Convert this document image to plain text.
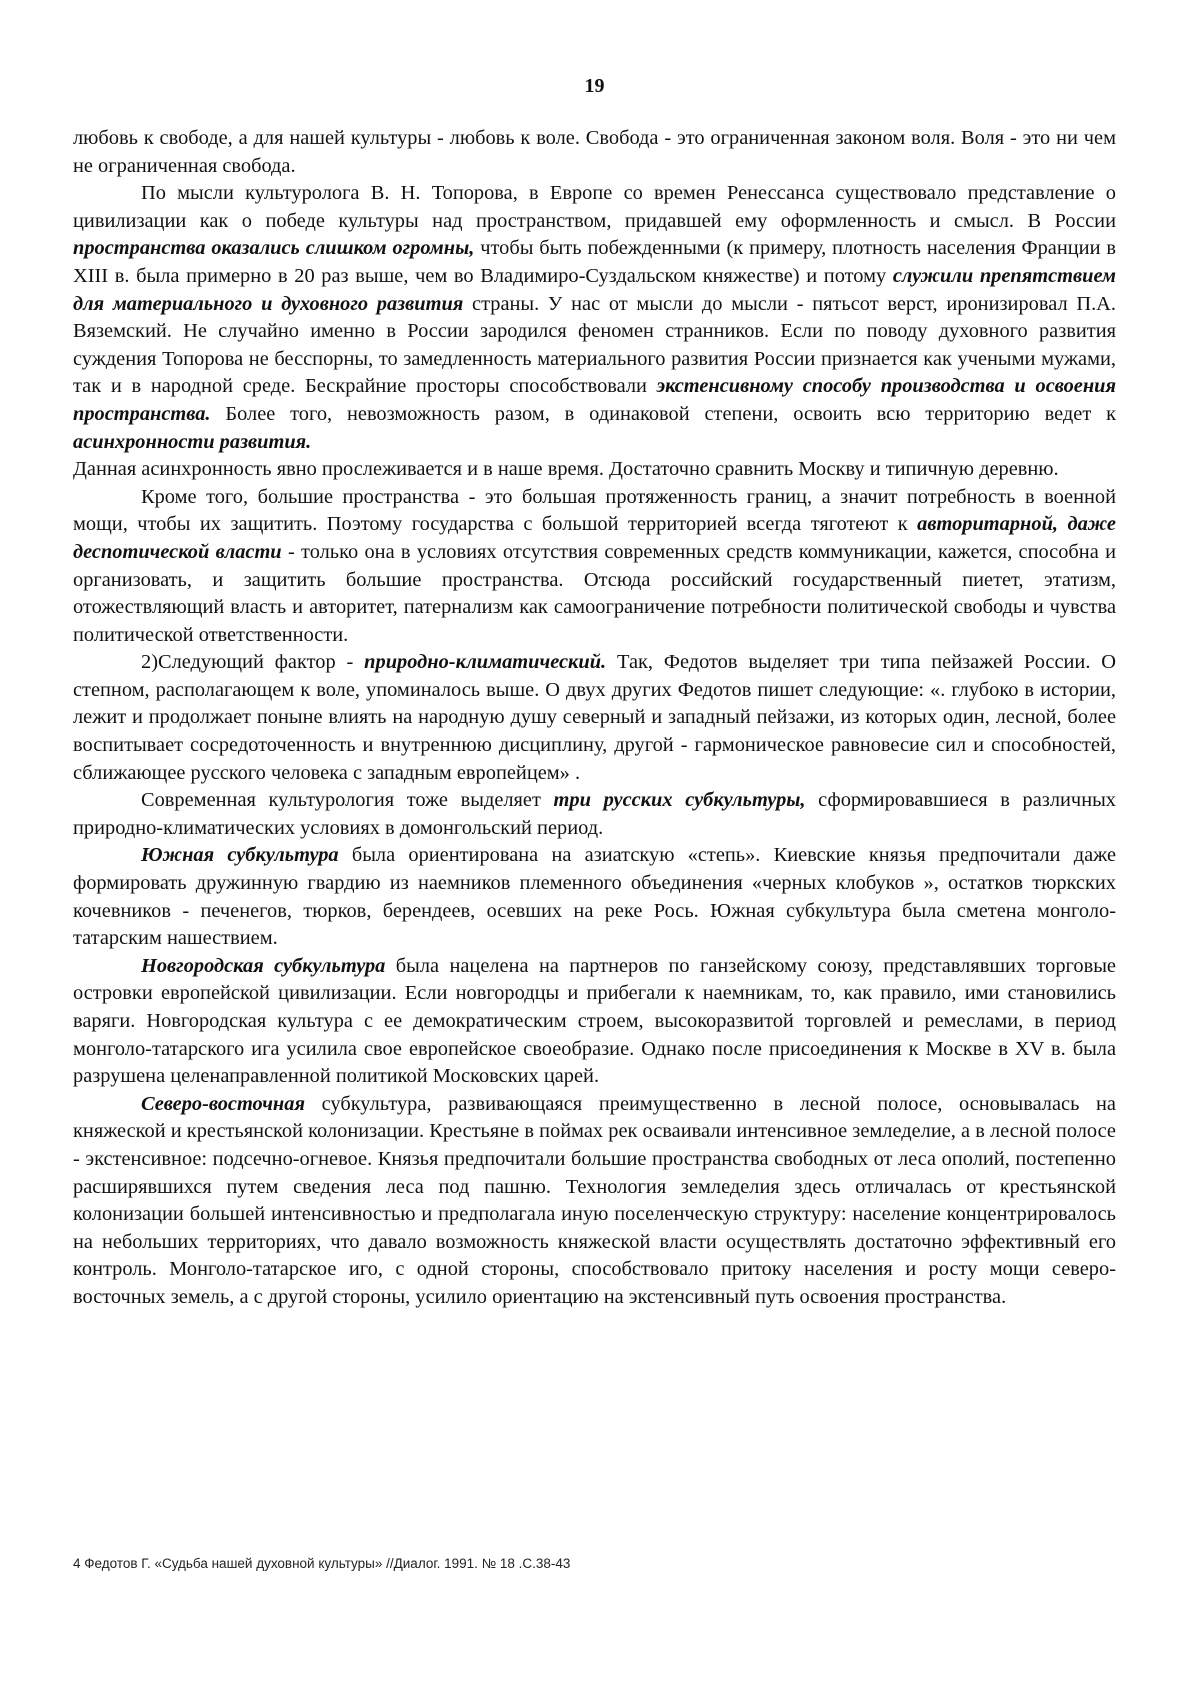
19

любовь к свободе, а для нашей культуры - любовь к воле. Свобода - это ограниченная законом воля. Воля - это ни чем не ограниченная свобода.

По мысли культуролога В. Н. Топорова, в Европе со времен Ренессанса существовало представление о цивилизации как о победе культуры над пространством, придавшей ему оформленность и смысл. В России пространства оказались слишком огромны, чтобы быть побежденными (к примеру, плотность населения Франции в XIII в. была примерно в 20 раз выше, чем во Владимиро-Суздальском княжестве) и потому служили препятствием для материального и духовного развития страны. У нас от мысли до мысли - пятьсот верст, иронизировал П.А. Вяземский. Не случайно именно в России зародился феномен странников. Если по поводу духовного развития суждения Топорова не бесспорны, то замедленность материального развития России признается как учеными мужами, так и в народной среде. Бескрайние просторы способствовали экстенсивному способу производства и освоения пространства. Более того, невозможность разом, в одинаковой степени, освоить всю территорию ведет к асинхронности развития.

Данная асинхронность явно прослеживается и в наше время. Достаточно сравнить Москву и типичную деревню.

Кроме того, большие пространства - это большая протяженность границ, а значит потребность в военной мощи, чтобы их защитить. Поэтому государства с большой территорией всегда тяготеют к авторитарной, даже деспотической власти - только она в условиях отсутствия современных средств коммуникации, кажется, способна и организовать, и защитить большие пространства. Отсюда российский государственный пиетет, этатизм, отожествляющий власть и авторитет, патернализм как самоограничение потребности политической свободы и чувства политической ответственности.

2)Следующий фактор - природно-климатический. Так, Федотов выделяет три типа пейзажей России. О степном, располагающем к воле, упоминалось выше. О двух других Федотов пишет следующие: «. глубоко в истории, лежит и продолжает поныне влиять на народную душу северный и западный пейзажи, из которых один, лесной, более воспитывает сосредоточенность и внутреннюю дисциплину, другой - гармоническое равновесие сил и способностей, сближающее русского человека с западным европейцем» .

Современная культурология тоже выделяет три русских субкультуры, сформировавшиеся в различных природно-климатических условиях в домонгольский период.

Южная субкультура была ориентирована на азиатскую «степь». Киевские князья предпочитали даже формировать дружинную гвардию из наемников племенного объединения «черных клобуков », остатков тюркских кочевников - печенегов, тюрков, берендеев, осевших на реке Рось. Южная субкультура была сметена монголо-татарским нашествием.

Новгородская субкультура была нацелена на партнеров по ганзейскому союзу, представлявших торговые островки европейской цивилизации. Если новгородцы и прибегали к наемникам, то, как правило, ими становились варяги. Новгородская культура с ее демократическим строем, высокоразвитой торговлей и ремеслами, в период монголо-татарского ига усилила свое европейское своеобразие. Однако после присоединения к Москве в XV в. была разрушена целенаправленной политикой Московских царей.

Северо-восточная субкультура, развивающаяся преимущественно в лесной полосе, основывалась на княжеской и крестьянской колонизации. Крестьяне в поймах рек осваивали интенсивное земледелие, а в лесной полосе - экстенсивное: подсечно-огневое. Князья предпочитали большие пространства свободных от леса ополий, постепенно расширявшихся путем сведения леса под пашню. Технология земледелия здесь отличалась от крестьянской колонизации большей интенсивностью и предполагала иную поселенческую структуру: население концентрировалось на небольших территориях, что давало возможность княжеской власти осуществлять достаточно эффективный его контроль. Монголо-татарское иго, с одной стороны, способствовало притоку населения и росту мощи северо-восточных земель, а с другой стороны, усилило ориентацию на экстенсивный путь освоения пространства.

4 Федотов Г. «Судьба нашей духовной культуры» //Диалог. 1991. № 18 .С.38-43
